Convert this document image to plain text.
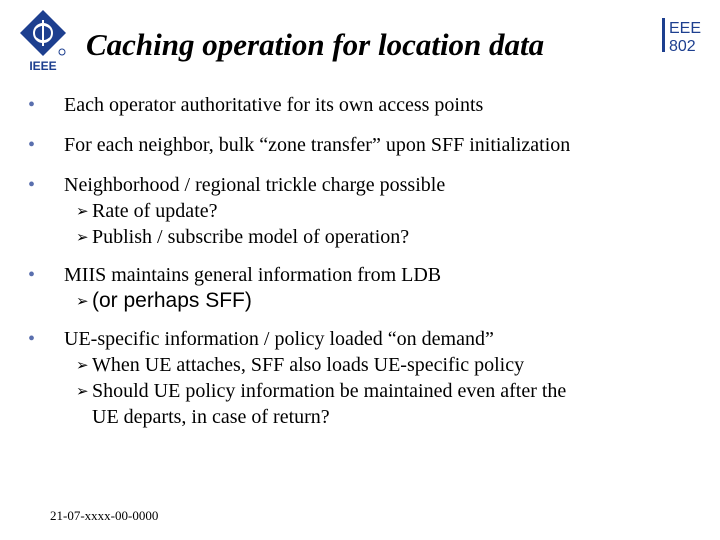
IEEE
Caching operation for location data	EEE
802
•	Each operator authoritative for its own access points
•	For each neighbor, bulk “zone transfer” upon SFF initialization
•	Neighborhood / regional trickle charge possible
➢ Rate of update?
➢ Publish / subscribe model of operation?
•	MIIS maintains general information from LDB
➢ (or perhaps SFF)
•	UE-specific information / policy loaded “on demand”
➢ When UE attaches, SFF also loads UE-specific policy
➢ Should UE policy information be maintained even after the
UE departs, in case of return?
21-07-xxxx-00-0000
